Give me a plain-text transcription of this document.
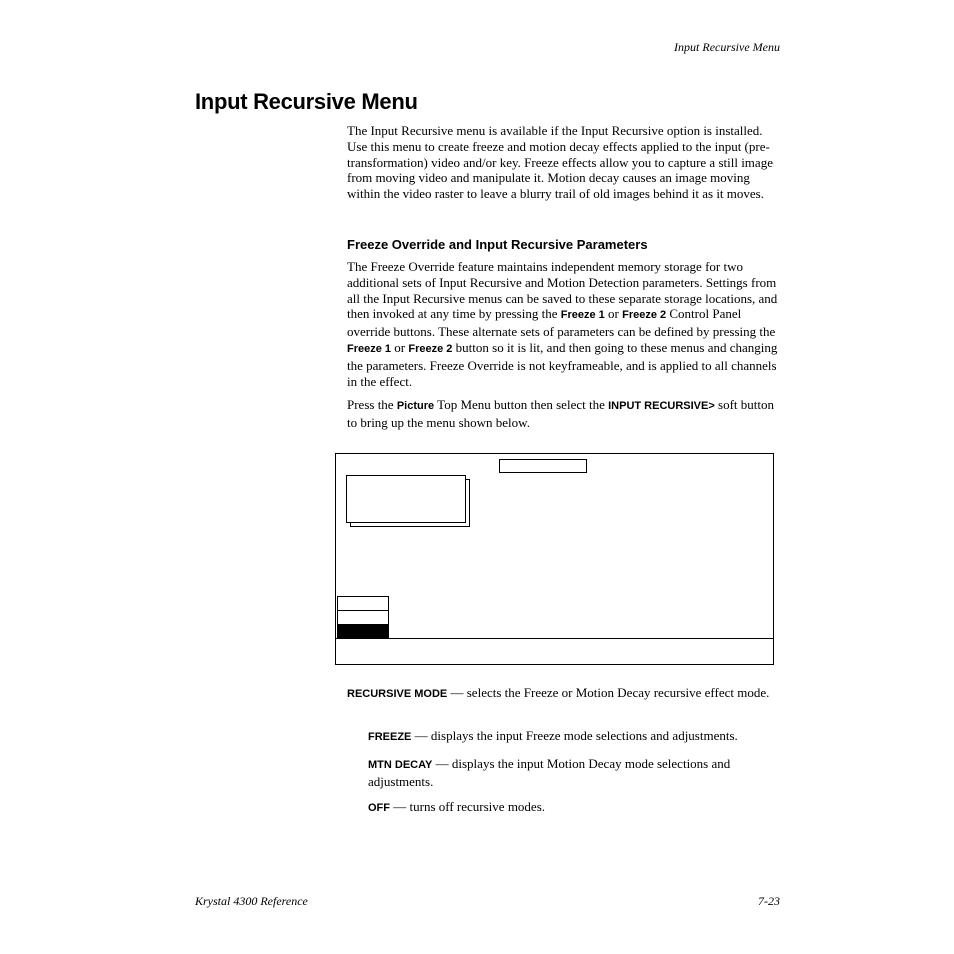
Input Recursive Menu
Input Recursive Menu

The Input Recursive menu is available if the Input Recursive option is installed. Use this menu to create freeze and motion decay effects applied to the input (pre-transformation) video and/or key. Freeze effects allow you to capture a still image from moving video and manipulate it. Motion decay causes an image moving within the video raster to leave a blurry trail of old images behind it as it moves.

Freeze Override and Input Recursive Parameters

The Freeze Override feature maintains independent memory storage for two additional sets of Input Recursive and Motion Detection parameters. Settings from all the Input Recursive menus can be saved to these separate storage locations, and then invoked at any time by pressing the Freeze 1 or Freeze 2 Control Panel override buttons. These alternate sets of parameters can be defined by pressing the Freeze 1 or Freeze 2 button so it is lit, and then going to these menus and changing the parameters. Freeze Override is not keyframeable, and is applied to all channels in the effect.

Press the Picture Top Menu button then select the INPUT RECURSIVE> soft button to bring up the menu shown below.

RECURSIVE MODE — selects the Freeze or Motion Decay recursive effect mode.

FREEZE — displays the input Freeze mode selections and adjustments.

MTN DECAY — displays the input Motion Decay mode selections and adjustments.

OFF — turns off recursive modes.

Krystal 4300 Reference	7-23
